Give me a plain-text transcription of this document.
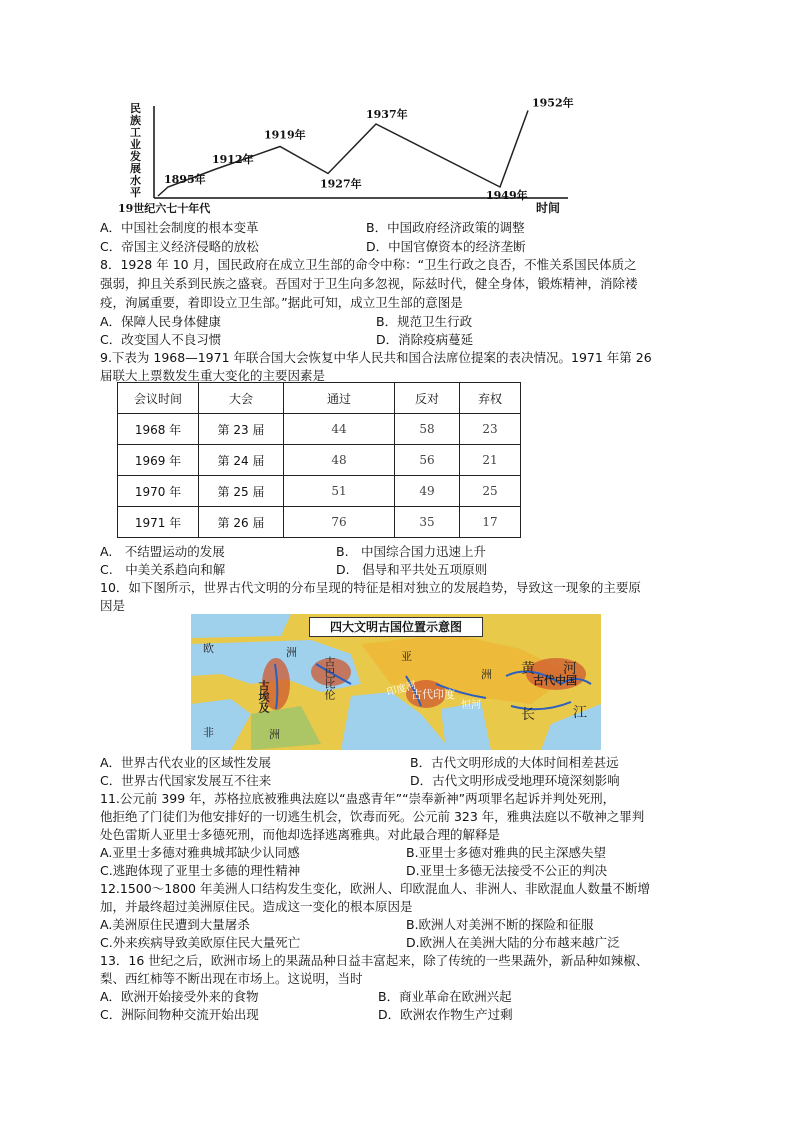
民
族
工
业
发
展
水
平
1895年
1912年
1919年
1927年
1937年
1949年
1952年
19世纪六七十年代	时间
A．中国社会制度的根本变革	B．中国政府经济政策的调整
C．帝国主义经济侵略的放松	D．中国官僚资本的经济垄断
8．1928 年 10 月，国民政府在成立卫生部的命令中称：“卫生行政之良否，不惟关系国民体质之
强弱，抑且关系到民族之盛衰。吾国对于卫生向多忽视，际兹时代，健全身体，锻炼精神，消除褛
疫，洵属重要，着即设立卫生部。”据此可知，成立卫生部的意图是
A．保障人民身体健康	B．规范卫生行政
C．改变国人不良习惯	D．消除疫病蔓延
9.下表为 1968—1971 年联合国大会恢复中华人民共和国合法席位提案的表决情况。1971 年第 26
届联大上票数发生重大变化的主要因素是
会议时间	大会	通过	反对	弃权
1968 年	第 23 届	44	58	23
1969 年	第 24 届	48	56	21
1970 年	第 25 届	51	49	25
1971 年	第 26 届	76	35	17
A.　不结盟运动的发展	B.　中国综合国力迅速上升
C.　中美关系趋向和解	D.　倡导和平共处五项原则
10．如下图所示，世界古代文明的分布呈现的特征是相对独立的发展趋势，导致这一现象的主要原
因是
四大文明古国位置示意图
欧	洲	亚
洲
非	洲
古埃及	古巴比伦	印度河
古代印度
恒河
黄 河
古代中国
长	江
A．世界古代农业的区域性发展	B．古代文明形成的大体时间相差甚远
C．世界古代国家发展互不往来	D．古代文明形成受地理环境深刻影响
11.公元前 399 年，苏格拉底被雅典法庭以“蛊惑青年”“崇奉新神”两项罪名起诉并判处死刑，
他拒绝了门徒们为他安排好的一切逃生机会，饮毒而死。公元前 323 年，雅典法庭以不敬神之罪判
处色雷斯人亚里士多德死刑，而他却选择逃离雅典。对此最合理的解释是
A.亚里士多德对雅典城邦缺少认同感	B.亚里士多德对雅典的民主深感失望
C.逃跑体现了亚里士多德的理性精神	D.亚里士多德无法接受不公正的判决
12.1500～1800 年美洲人口结构发生变化，欧洲人、印欧混血人、非洲人、非欧混血人数量不断增
加，并最终超过美洲原住民。造成这一变化的根本原因是
A.美洲原住民遭到大量屠杀	B.欧洲人对美洲不断的探险和征服
C.外来疾病导致美欧原住民大量死亡	D.欧洲人在美洲大陆的分布越来越广泛
13．16 世纪之后，欧洲市场上的果蔬品种日益丰富起来，除了传统的一些果蔬外，新品种如辣椒、
梨、西红柿等不断出现在市场上。这说明，当时
A．欧洲开始接受外来的食物	B．商业革命在欧洲兴起
C．洲际间物种交流开始出现	D．欧洲农作物生产过剩
